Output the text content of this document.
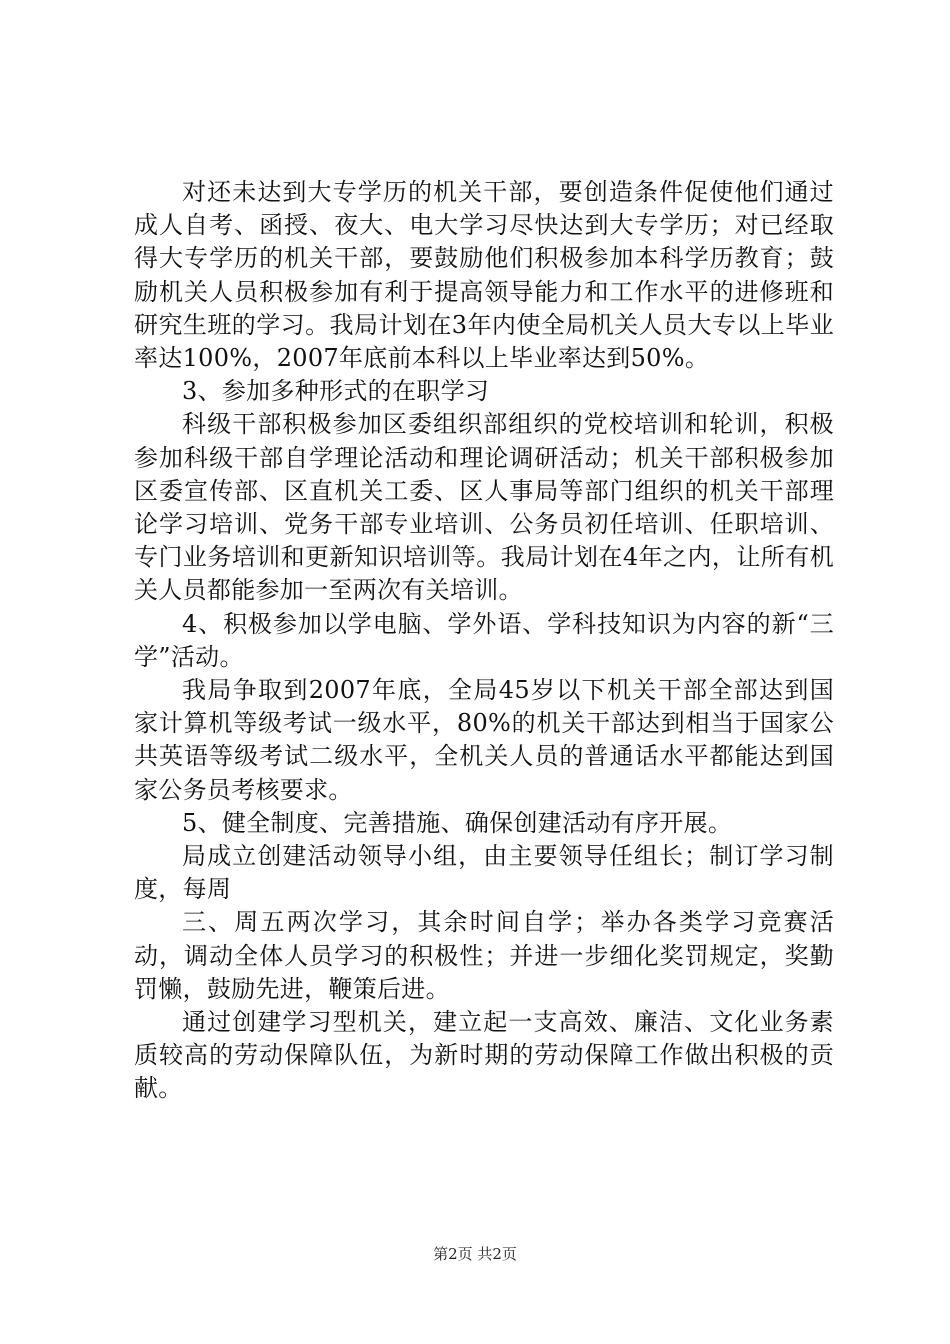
对还未达到大专学历的机关干部，要创造条件促使他们通过成人自考、函授、夜大、电大学习尽快达到大专学历；对已经取得大专学历的机关干部，要鼓励他们积极参加本科学历教育；鼓励机关人员积极参加有利于提高领导能力和工作水平的进修班和研究生班的学习。我局计划在3年内使全局机关人员大专以上毕业率达100%，2007年底前本科以上毕业率达到50%。

3、参加多种形式的在职学习

科级干部积极参加区委组织部组织的党校培训和轮训，积极参加科级干部自学理论活动和理论调研活动；机关干部积极参加区委宣传部、区直机关工委、区人事局等部门组织的机关干部理论学习培训、党务干部专业培训、公务员初任培训、任职培训、专门业务培训和更新知识培训等。我局计划在4年之内，让所有机关人员都能参加一至两次有关培训。

4、积极参加以学电脑、学外语、学科技知识为内容的新“三学”活动。

我局争取到2007年底，全局45岁以下机关干部全部达到国家计算机等级考试一级水平，80%的机关干部达到相当于国家公共英语等级考试二级水平，全机关人员的普通话水平都能达到国家公务员考核要求。

5、健全制度、完善措施、确保创建活动有序开展。

局成立创建活动领导小组，由主要领导任组长；制订学习制度，每周

三、周五两次学习，其余时间自学；举办各类学习竞赛活动，调动全体人员学习的积极性；并进一步细化奖罚规定，奖勤罚懒，鼓励先进，鞭策后进。

通过创建学习型机关，建立起一支高效、廉洁、文化业务素质较高的劳动保障队伍，为新时期的劳动保障工作做出积极的贡献。

第2页 共2页
